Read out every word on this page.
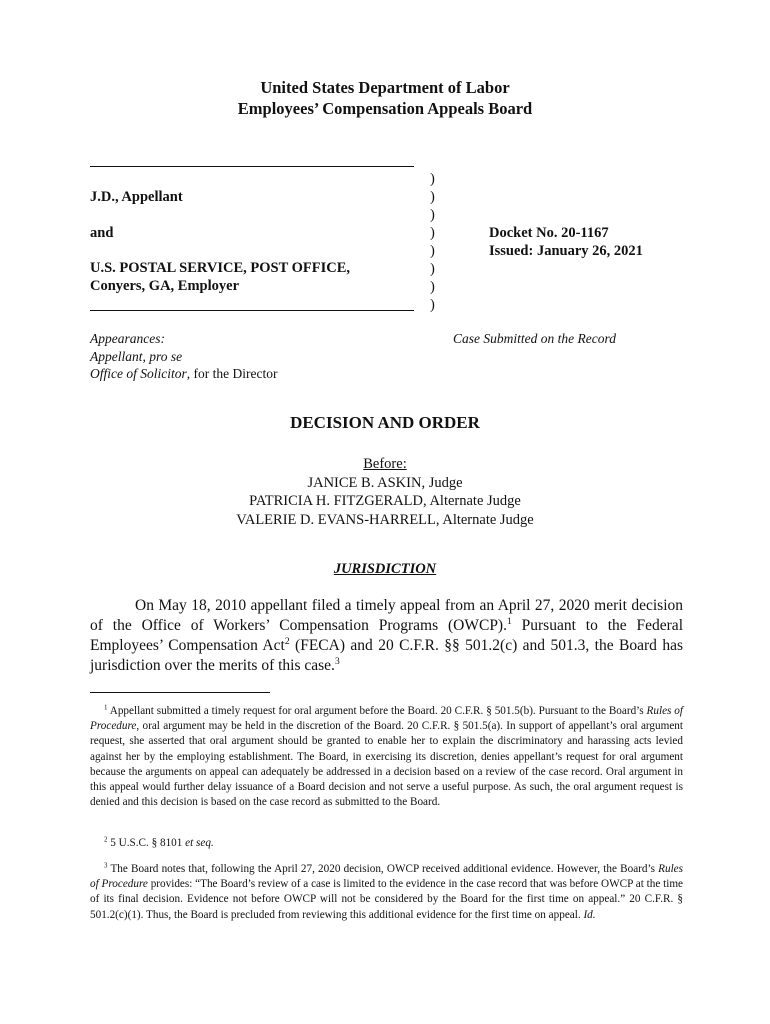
United States Department of Labor
Employees’ Compensation Appeals Board
J.D., Appellant
and
U.S. POSTAL SERVICE, POST OFFICE,
Conyers, GA, Employer
)
)
)
)
)
)
)
)
Docket No. 20-1167
Issued: January 26, 2021
Appearances:
Appellant, pro se
Office of Solicitor, for the Director
Case Submitted on the Record
DECISION AND ORDER
Before:
JANICE B. ASKIN, Judge
PATRICIA H. FITZGERALD, Alternate Judge
VALERIE D. EVANS-HARRELL, Alternate Judge
JURISDICTION
On May 18, 2010 appellant filed a timely appeal from an April 27, 2020 merit decision of the Office of Workers’ Compensation Programs (OWCP).$^1$ Pursuant to the Federal Employees’ Compensation Act$^2$ (FECA) and 20 C.F.R. §§ 501.2(c) and 501.3, the Board has jurisdiction over the merits of this case.$^3$
$^1$ Appellant submitted a timely request for oral argument before the Board. 20 C.F.R. § 501.5(b). Pursuant to the Board’s Rules of Procedure, oral argument may be held in the discretion of the Board. 20 C.F.R. § 501.5(a). In support of appellant’s oral argument request, she asserted that oral argument should be granted to enable her to explain the discriminatory and harassing acts levied against her by the employing establishment. The Board, in exercising its discretion, denies appellant’s request for oral argument because the arguments on appeal can adequately be addressed in a decision based on a review of the case record. Oral argument in this appeal would further delay issuance of a Board decision and not serve a useful purpose. As such, the oral argument request is denied and this decision is based on the case record as submitted to the Board.
$^2$ 5 U.S.C. § 8101 et seq.
$^3$ The Board notes that, following the April 27, 2020 decision, OWCP received additional evidence. However, the Board’s Rules of Procedure provides: “The Board’s review of a case is limited to the evidence in the case record that was before OWCP at the time of its final decision. Evidence not before OWCP will not be considered by the Board for the first time on appeal.” 20 C.F.R. § 501.2(c)(1). Thus, the Board is precluded from reviewing this additional evidence for the first time on appeal. Id.
